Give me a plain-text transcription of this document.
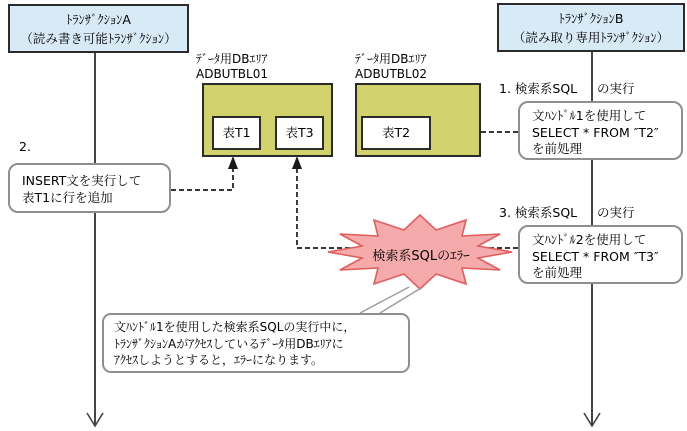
ﾄﾗﾝｻﾞｸｼｮﾝA
（読み書き可能ﾄﾗﾝｻﾞｸｼｮﾝ）
ﾄﾗﾝｻﾞｸｼｮﾝB
（読み取り専用ﾄﾗﾝｻﾞｸｼｮﾝ）
ﾃﾞｰﾀ用DBｴﾘｱ
ADBUTBL01
表T1	表T3
ﾃﾞｰﾀ用DBｴﾘｱ
ADBUTBL02
表T2
1. 検索系SQL の実行
文ﾊﾝﾄﾞﾙ1を使用して
SELECT * FROM ″T2″
を前処理
2.
INSERT文を実行して
表T1に行を追加
3. 検索系SQL の実行
文ﾊﾝﾄﾞﾙ2を使用して
SELECT * FROM ″T3″
を前処理
検索系SQLのｴﾗｰ
文ﾊﾝﾄﾞﾙ1を使用した検索系SQLの実行中に，
ﾄﾗﾝｻﾞｸｼｮﾝAがｱｸｾｽしているﾃﾞｰﾀ用DBｴﾘｱに
ｱｸｾｽしようとすると，ｴﾗｰになります。
